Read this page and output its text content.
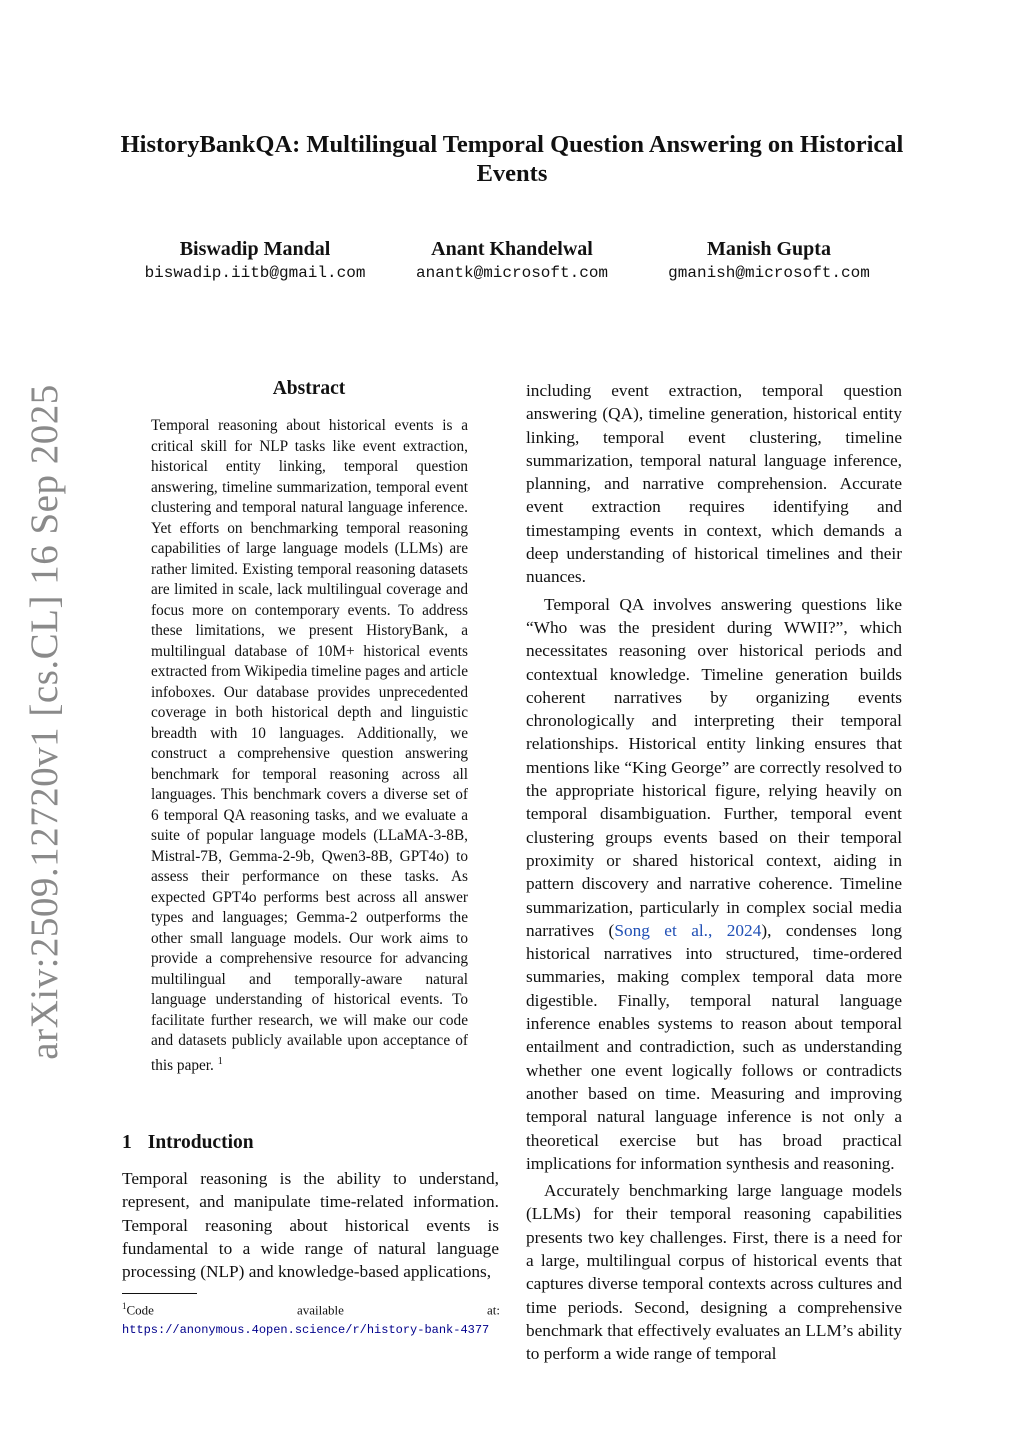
arXiv:2509.12720v1 [cs.CL] 16 Sep 2025
HistoryBankQA: Multilingual Temporal Question Answering on Historical Events
Biswadip Mandal
biswadip.iitb@gmail.com
Anant Khandelwal
anantk@microsoft.com
Manish Gupta
gmanish@microsoft.com
Abstract
Temporal reasoning about historical events is a critical skill for NLP tasks like event extraction, historical entity linking, temporal question answering, timeline summarization, temporal event clustering and temporal natural language inference. Yet efforts on benchmarking temporal reasoning capabilities of large language models (LLMs) are rather limited. Existing temporal reasoning datasets are limited in scale, lack multilingual coverage and focus more on contemporary events. To address these limitations, we present HistoryBank, a multilingual database of 10M+ historical events extracted from Wikipedia timeline pages and article infoboxes. Our database provides unprecedented coverage in both historical depth and linguistic breadth with 10 languages. Additionally, we construct a comprehensive question answering benchmark for temporal reasoning across all languages. This benchmark covers a diverse set of 6 temporal QA reasoning tasks, and we evaluate a suite of popular language models (LLaMA-3-8B, Mistral-7B, Gemma-2-9b, Qwen3-8B, GPT4o) to assess their performance on these tasks. As expected GPT4o performs best across all answer types and languages; Gemma-2 outperforms the other small language models. Our work aims to provide a comprehensive resource for advancing multilingual and temporally-aware natural language understanding of historical events. To facilitate further research, we will make our code and datasets publicly available upon acceptance of this paper. $^1$
1 Introduction
Temporal reasoning is the ability to understand, represent, and manipulate time-related information. Temporal reasoning about historical events is fundamental to a wide range of natural language processing (NLP) and knowledge-based applications,
$^1$Code available at: https://anonymous.4open.science/r/history-bank-4377

including event extraction, temporal question answering (QA), timeline generation, historical entity linking, temporal event clustering, timeline summarization, temporal natural language inference, planning, and narrative comprehension. Accurate event extraction requires identifying and timestamping events in context, which demands a deep understanding of historical timelines and their nuances.

Temporal QA involves answering questions like “Who was the president during WWII?”, which necessitates reasoning over historical periods and contextual knowledge. Timeline generation builds coherent narratives by organizing events chronologically and interpreting their temporal relationships. Historical entity linking ensures that mentions like “King George” are correctly resolved to the appropriate historical figure, relying heavily on temporal disambiguation. Further, temporal event clustering groups events based on their temporal proximity or shared historical context, aiding in pattern discovery and narrative coherence. Timeline summarization, particularly in complex social media narratives (Song et al., 2024), condenses long historical narratives into structured, time-ordered summaries, making complex temporal data more digestible. Finally, temporal natural language inference enables systems to reason about temporal entailment and contradiction, such as understanding whether one event logically follows or contradicts another based on time. Measuring and improving temporal natural language inference is not only a theoretical exercise but has broad practical implications for information synthesis and reasoning.

Accurately benchmarking large language models (LLMs) for their temporal reasoning capabilities presents two key challenges. First, there is a need for a large, multilingual corpus of historical events that captures diverse temporal contexts across cultures and time periods. Second, designing a comprehensive benchmark that effectively evaluates an LLM’s ability to perform a wide range of temporal
